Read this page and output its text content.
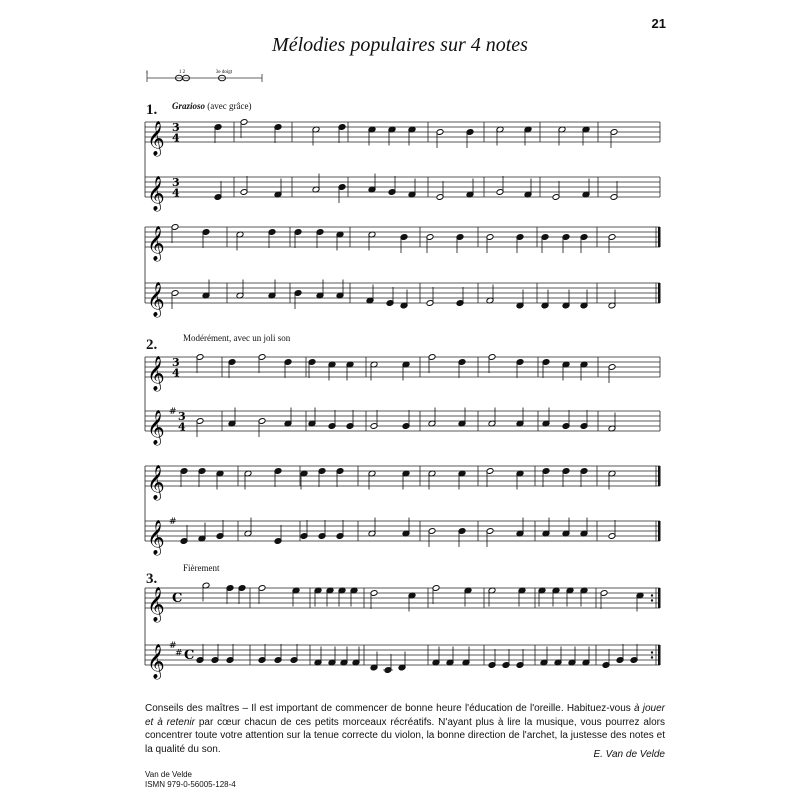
21
Mélodies populaires sur 4 notes
0	1 2	3e doigt
1. Grazioso (avec grâce)
2.	Modérément, avec un joli son
3.
Fièrement
𝄞 3
4
𝄞 3
4
𝄞
𝄞
𝄞 3
4
𝄞 # 3
4
𝄞
𝄞 #
𝄞 C
𝄞 #
# C
Conseils des maîtres – Il est important de commencer de bonne heure l'éducation de l'oreille. Habituez-vous à jouer et à retenir par cœur chacun de ces petits morceaux récréatifs. N'ayant plus à lire la musique, vous pourrez alors concentrer toute votre attention sur la tenue correcte du violon, la bonne direction de l'archet, la justesse des notes et la qualité du son.	E. Van de Velde
Van de Velde
ISMN 979-0-56005-128-4
